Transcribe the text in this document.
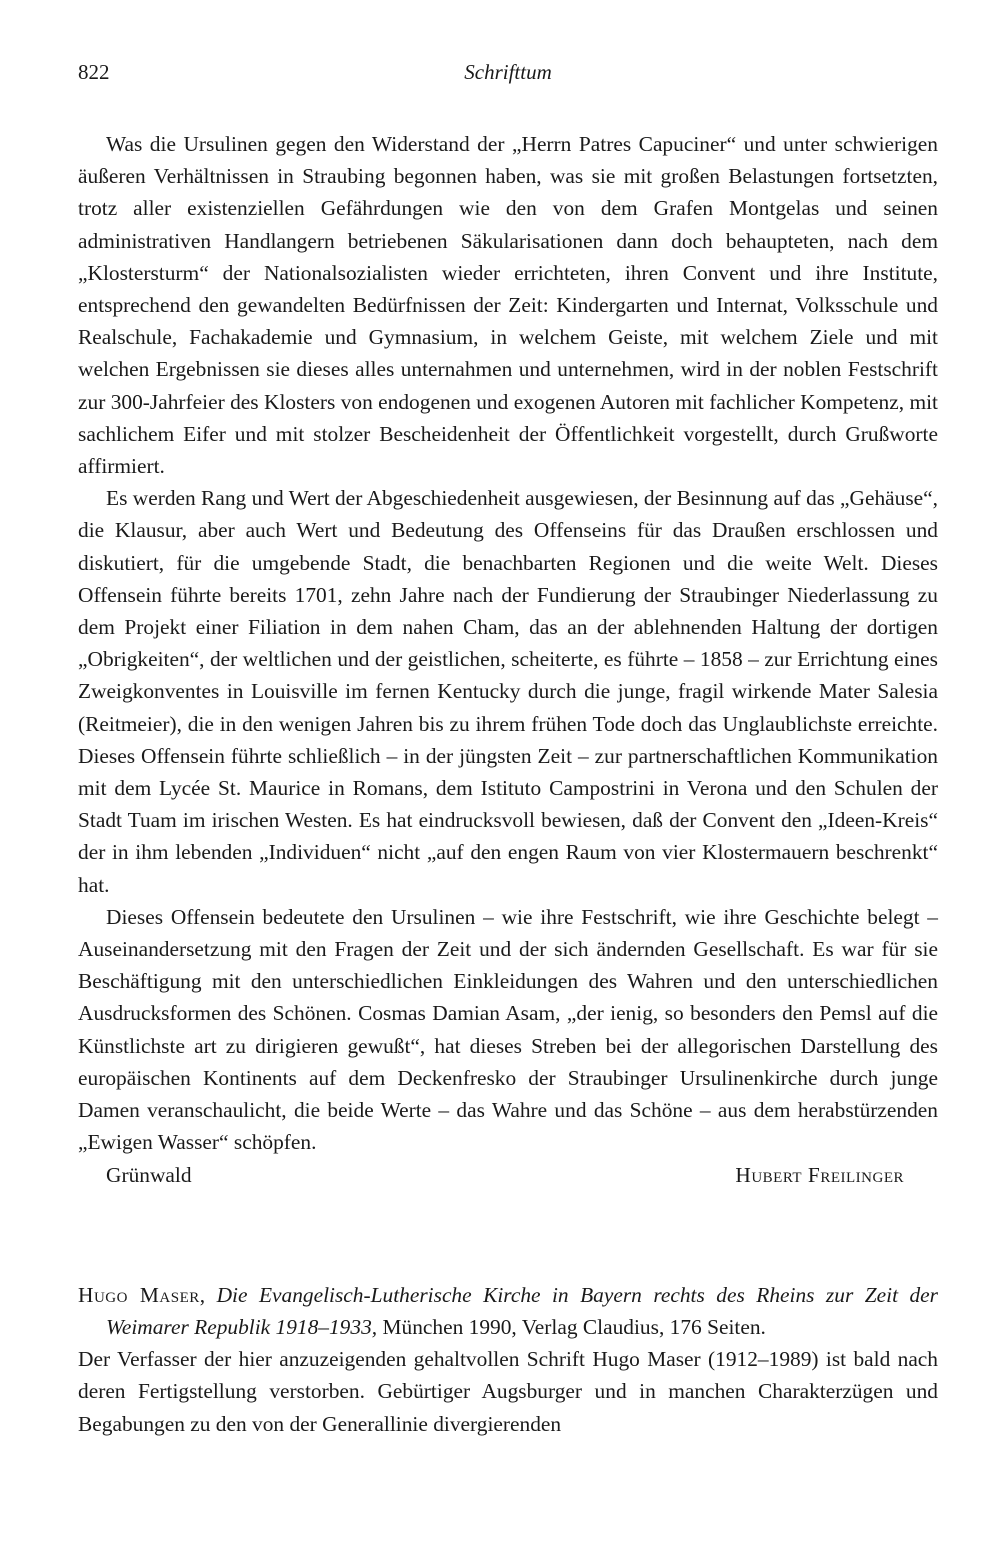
822	Schrifttum

Was die Ursulinen gegen den Widerstand der „Herrn Patres Capuciner“ und unter schwierigen äußeren Verhältnissen in Straubing begonnen haben, was sie mit großen Belastungen fortsetzten, trotz aller existenziellen Gefährdungen wie den von dem Grafen Montgelas und seinen administrativen Handlangern betriebenen Säkularisationen dann doch behaupteten, nach dem „Klostersturm“ der Nationalsozialisten wieder errichteten, ihren Convent und ihre Institute, entsprechend den gewandelten Bedürfnissen der Zeit: Kindergarten und Internat, Volksschule und Realschule, Fachakademie und Gymnasium, in welchem Geiste, mit welchem Ziele und mit welchen Ergebnissen sie dieses alles unternahmen und unternehmen, wird in der noblen Festschrift zur 300-Jahrfeier des Klosters von endogenen und exogenen Autoren mit fachlicher Kompetenz, mit sachlichem Eifer und mit stolzer Bescheidenheit der Öffentlichkeit vorgestellt, durch Grußworte affirmiert.

Es werden Rang und Wert der Abgeschiedenheit ausgewiesen, der Besinnung auf das „Gehäuse“, die Klausur, aber auch Wert und Bedeutung des Offenseins für das Draußen erschlossen und diskutiert, für die umgebende Stadt, die benachbarten Regionen und die weite Welt. Dieses Offensein führte bereits 1701, zehn Jahre nach der Fundierung der Straubinger Niederlassung zu dem Projekt einer Filiation in dem nahen Cham, das an der ablehnenden Haltung der dortigen „Obrigkeiten“, der weltlichen und der geistlichen, scheiterte, es führte – 1858 – zur Errichtung eines Zweigkonventes in Louisville im fernen Kentucky durch die junge, fragil wirkende Mater Salesia (Reitmeier), die in den wenigen Jahren bis zu ihrem frühen Tode doch das Unglaublichste erreichte. Dieses Offensein führte schließlich – in der jüngsten Zeit – zur partnerschaftlichen Kommunikation mit dem Lycée St. Maurice in Romans, dem Istituto Campostrini in Verona und den Schulen der Stadt Tuam im irischen Westen. Es hat eindrucksvoll bewiesen, daß der Convent den „Ideen-Kreis“ der in ihm lebenden „Individuen“ nicht „auf den engen Raum von vier Klostermauern beschrenkt“ hat.

Dieses Offensein bedeutete den Ursulinen – wie ihre Festschrift, wie ihre Geschichte belegt – Auseinandersetzung mit den Fragen der Zeit und der sich ändernden Gesellschaft. Es war für sie Beschäftigung mit den unterschiedlichen Einkleidungen des Wahren und den unterschiedlichen Ausdrucksformen des Schönen. Cosmas Damian Asam, „der ienig, so besonders den Pemsl auf die Künstlichste art zu dirigieren gewußt“, hat dieses Streben bei der allegorischen Darstellung des europäischen Kontinents auf dem Deckenfresko der Straubinger Ursulinenkirche durch junge Damen veranschaulicht, die beide Werte – das Wahre und das Schöne – aus dem herabstürzenden „Ewigen Wasser“ schöpfen.

Grünwald	Hubert Freilinger
Hugo Maser, Die Evangelisch-Lutherische Kirche in Bayern rechts des Rheins zur Zeit der Weimarer Republik 1918–1933, München 1990, Verlag Claudius, 176 Seiten.

Der Verfasser der hier anzuzeigenden gehaltvollen Schrift Hugo Maser (1912–1989) ist bald nach deren Fertigstellung verstorben. Gebürtiger Augsburger und in manchen Charakterzügen und Begabungen zu den von der Generallinie divergierenden
